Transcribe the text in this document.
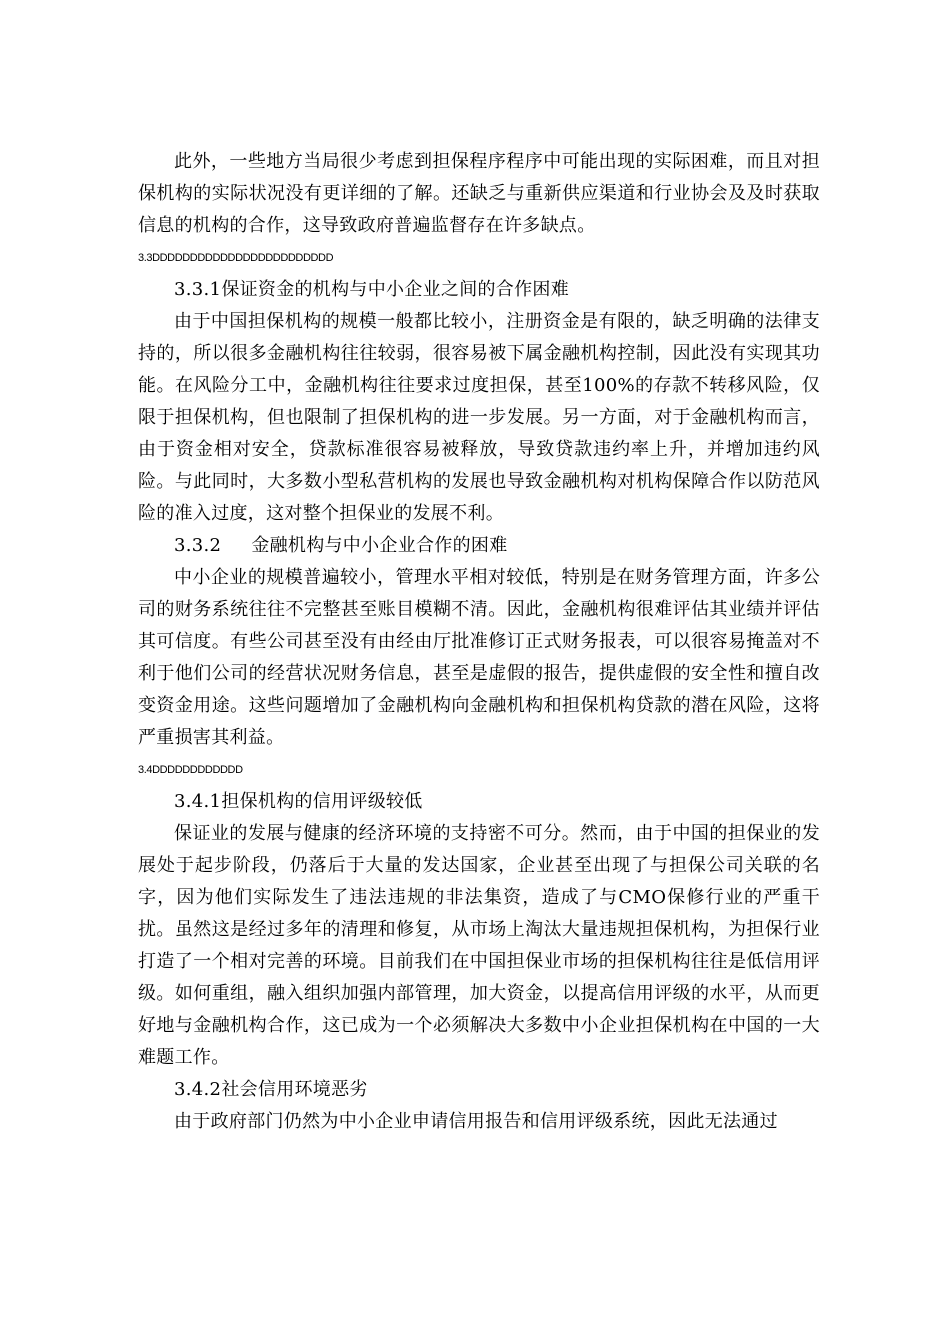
此外，一些地方当局很少考虑到担保程序程序中可能出现的实际困难，而且对担保机构的实际状况没有更详细的了解。还缺乏与重新供应渠道和行业协会及及时获取信息的机构的合作，这导致政府普遍监督存在许多缺点。

3.3DDDDDDDDDDDDDDDDDDDDDDDD

3.3.1保证资金的机构与中小企业之间的合作困难

由于中国担保机构的规模一般都比较小，注册资金是有限的，缺乏明确的法律支持的，所以很多金融机构往往较弱，很容易被下属金融机构控制，因此没有实现其功能。在风险分工中，金融机构往往要求过度担保，甚至100%的存款不转移风险，仅限于担保机构，但也限制了担保机构的进一步发展。另一方面，对于金融机构而言，由于资金相对安全，贷款标准很容易被释放，导致贷款违约率上升，并增加违约风险。与此同时，大多数小型私营机构的发展也导致金融机构对机构保障合作以防范风险的准入过度，这对整个担保业的发展不利。

3.3.2 金融机构与中小企业合作的困难

中小企业的规模普遍较小，管理水平相对较低，特别是在财务管理方面，许多公司的财务系统往往不完整甚至账目模糊不清。因此，金融机构很难评估其业绩并评估其可信度。有些公司甚至没有由经由厅批准修订正式财务报表，可以很容易掩盖对不利于他们公司的经营状况财务信息，甚至是虚假的报告，提供虚假的安全性和擅自改变资金用途。这些问题增加了金融机构向金融机构和担保机构贷款的潜在风险，这将严重损害其利益。

3.4DDDDDDDDDDDD

3.4.1担保机构的信用评级较低

保证业的发展与健康的经济环境的支持密不可分。然而，由于中国的担保业的发展处于起步阶段，仍落后于大量的发达国家，企业甚至出现了与担保公司关联的名字，因为他们实际发生了违法违规的非法集资，造成了与CMO保修行业的严重干扰。虽然这是经过多年的清理和修复，从市场上淘汰大量违规担保机构，为担保行业打造了一个相对完善的环境。目前我们在中国担保业市场的担保机构往往是低信用评级。如何重组，融入组织加强内部管理，加大资金，以提高信用评级的水平，从而更好地与金融机构合作，这已成为一个必须解决大多数中小企业担保机构在中国的一大难题工作。

3.4.2社会信用环境恶劣

由于政府部门仍然为中小企业申请信用报告和信用评级系统，因此无法通过
